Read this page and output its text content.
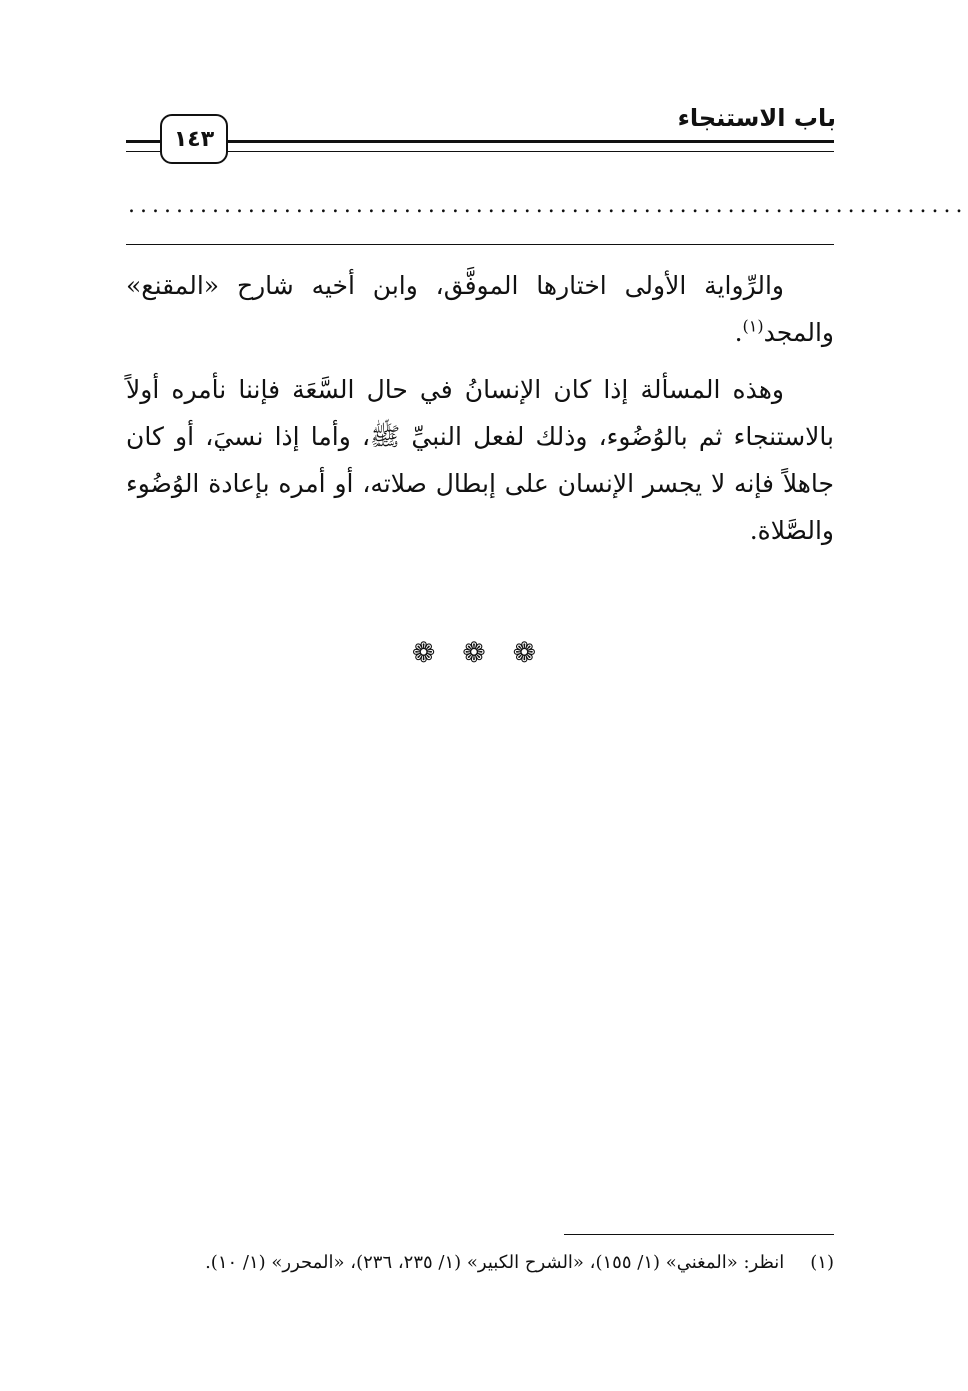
باب الاستنجاء
١٤٣
......................................................................

والرِّواية الأولى اختارها الموفَّق، وابن أخيه شارح «المقنع» والمجد$^{(١)}$.

وهذه المسألة إذا كان الإنسانُ في حال السَّعَة فإننا نأمره أولاً بالاستنجاء ثم بالوُضُوء، وذلك لفعل النبيِّ ﷺ، وأما إذا نسيَ، أو كان جاهلاً فإنه لا يجسر الإنسان على إبطال صلاته، أو أمره بإعادة الوُضُوء والصَّلاة.

❁ ❁ ❁
(١)انظر: «المغني» (١/ ١٥٥)، «الشرح الكبير» (١/ ٢٣٥، ٢٣٦)، «المحرر» (١/ ١٠).
